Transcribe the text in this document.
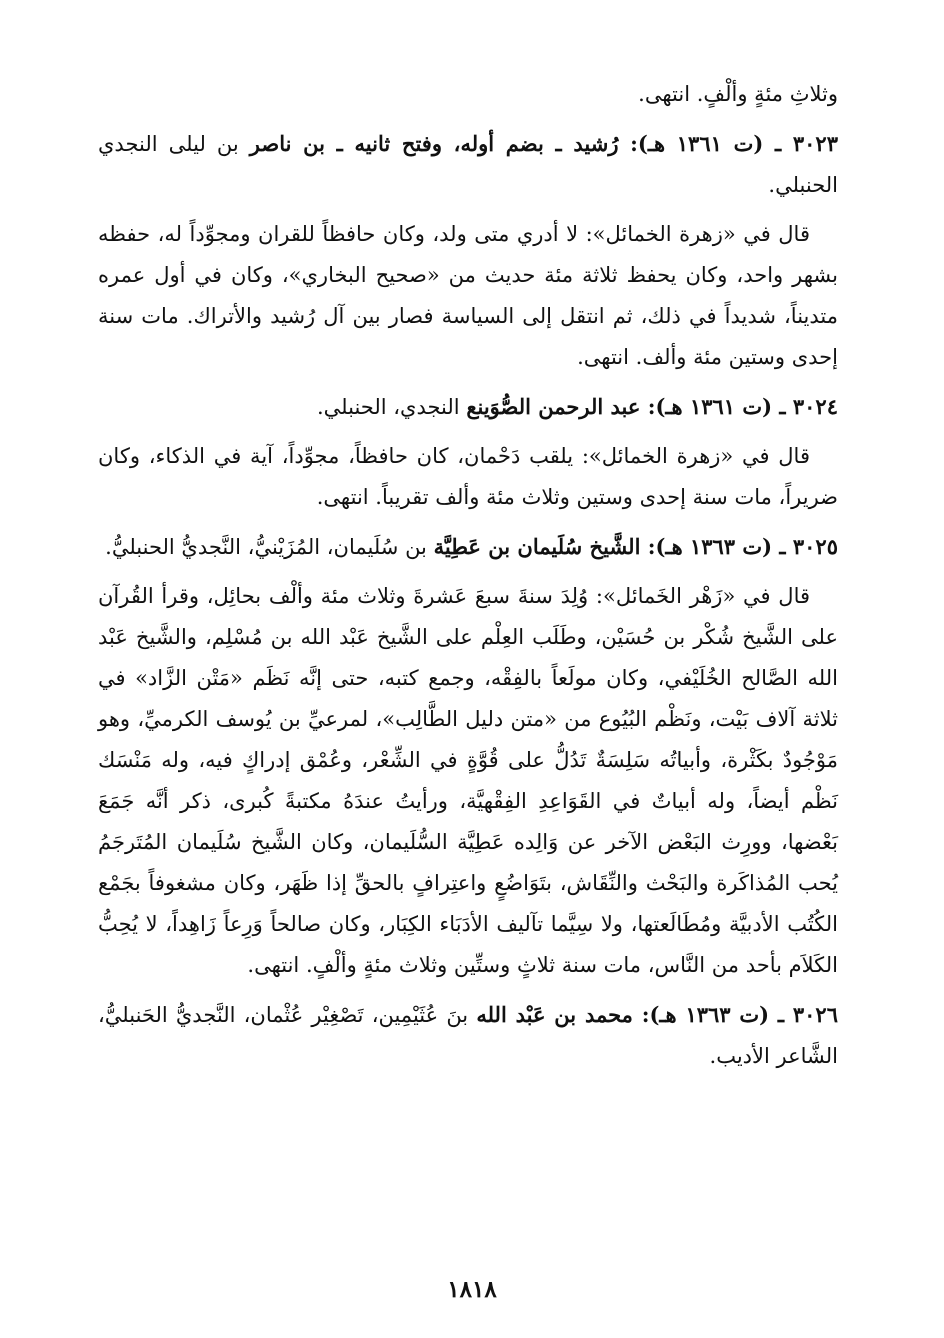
وثلاثِ مئةٍ وألْفٍ. انتهى.

٣٠٢٣ ـ (ت ١٣٦١ هـ): رُشيد ـ بضم أوله، وفتح ثانيه ـ بن ناصر بن ليلى النجدي الحنبلي.

قال في «زهرة الخمائل»: لا أدري متى ولد، وكان حافظاً للقران ومجوِّداً له، حفظه بشهر واحد، وكان يحفظ ثلاثة مئة حديث من «صحيح البخاري»، وكان في أول عمره متديناً، شديداً في ذلك، ثم انتقل إلى السياسة فصار بين آل رُشيد والأتراك. مات سنة إحدى وستين مئة وألف. انتهى.

٣٠٢٤ ـ (ت ١٣٦١ هـ): عبد الرحمن الصُّوَينع النجدي، الحنبلي.

قال في «زهرة الخمائل»: يلقب دَحْمان، كان حافظاً، مجوِّداً، آية في الذكاء، وكان ضريراً، مات سنة إحدى وستين وثلاث مئة وألف تقريباً. انتهى.

٣٠٢٥ ـ (ت ١٣٦٣ هـ): الشَّيخ سُلَيمان بن عَطِيَّة بن سُلَيمان، المُزَيْنيُّ، النَّجديُّ الحنبليُّ.

قال في «زَهْر الخَمائل»: وُلِدَ سنةَ سبعَ عَشرةَ وثلاث مئة وألْف بحائِل، وقرأ القُرآن على الشَّيخ شُكْر بن حُسَيْن، وطَلَب العِلْم على الشَّيخ عَبْد الله بن مُسْلِم، والشَّيخ عَبْد الله الصَّالح الخُلَيْفي، وكان مولَعاً بالفِقْه، وجمع كتبه، حتى إنَّه نَظَم «مَتْن الزَّاد» في ثلاثة آلاف بَيْت، ونَظْم البُيُوع من «متن دليل الطَّالِب»، لمرعيِّ بن يُوسف الكرميِّ، وهو مَوْجُودٌ بكَثْرة، وأبياتُه سَلِسَةٌ تَدُلُّ على قُوَّةٍ في الشِّعْر، وعُمْق إدراكٍ فيه، وله مَنْسَك نَظْم أيضاً، وله أبياتٌ في القَوَاعِدِ الفِقْهيَّة، ورأيتُ عندَهُ مكتبةً كُبرى، ذكر أنَّه جَمَعَ بَعْضها، وورِث البَعْض الآخر عن وَالِده عَطِيَّة السُّلَيمان، وكان الشَّيخ سُلَيمان المُتَرجَمُ يُحب المُذاكَرة والبَحْث والنِّقَاش، بتَوَاضُعٍ واعتِرافٍ بالحقِّ إذا ظَهَر، وكان مشغوفاً بجَمْع الكُتُب الأدبيَّة ومُطَالَعتها، ولا سِيَّما تآليف الأدَبَاء الكِبَار، وكان صالحاً وَرِعاً زَاهِداً، لا يُحِبُّ الكَلاَم بأحد من النَّاس، مات سنة ثلاثٍ وستِّين وثلاث مئةٍ وألْفٍ. انتهى.

٣٠٢٦ ـ (ت ١٣٦٣ هـ): محمد بن عَبْد الله بنَ عُثَيْمِين، تَصْغِيْر عُثْمان، النَّجديُّ الحَنبليُّ، الشَّاعر الأديب.

١٨١٨
